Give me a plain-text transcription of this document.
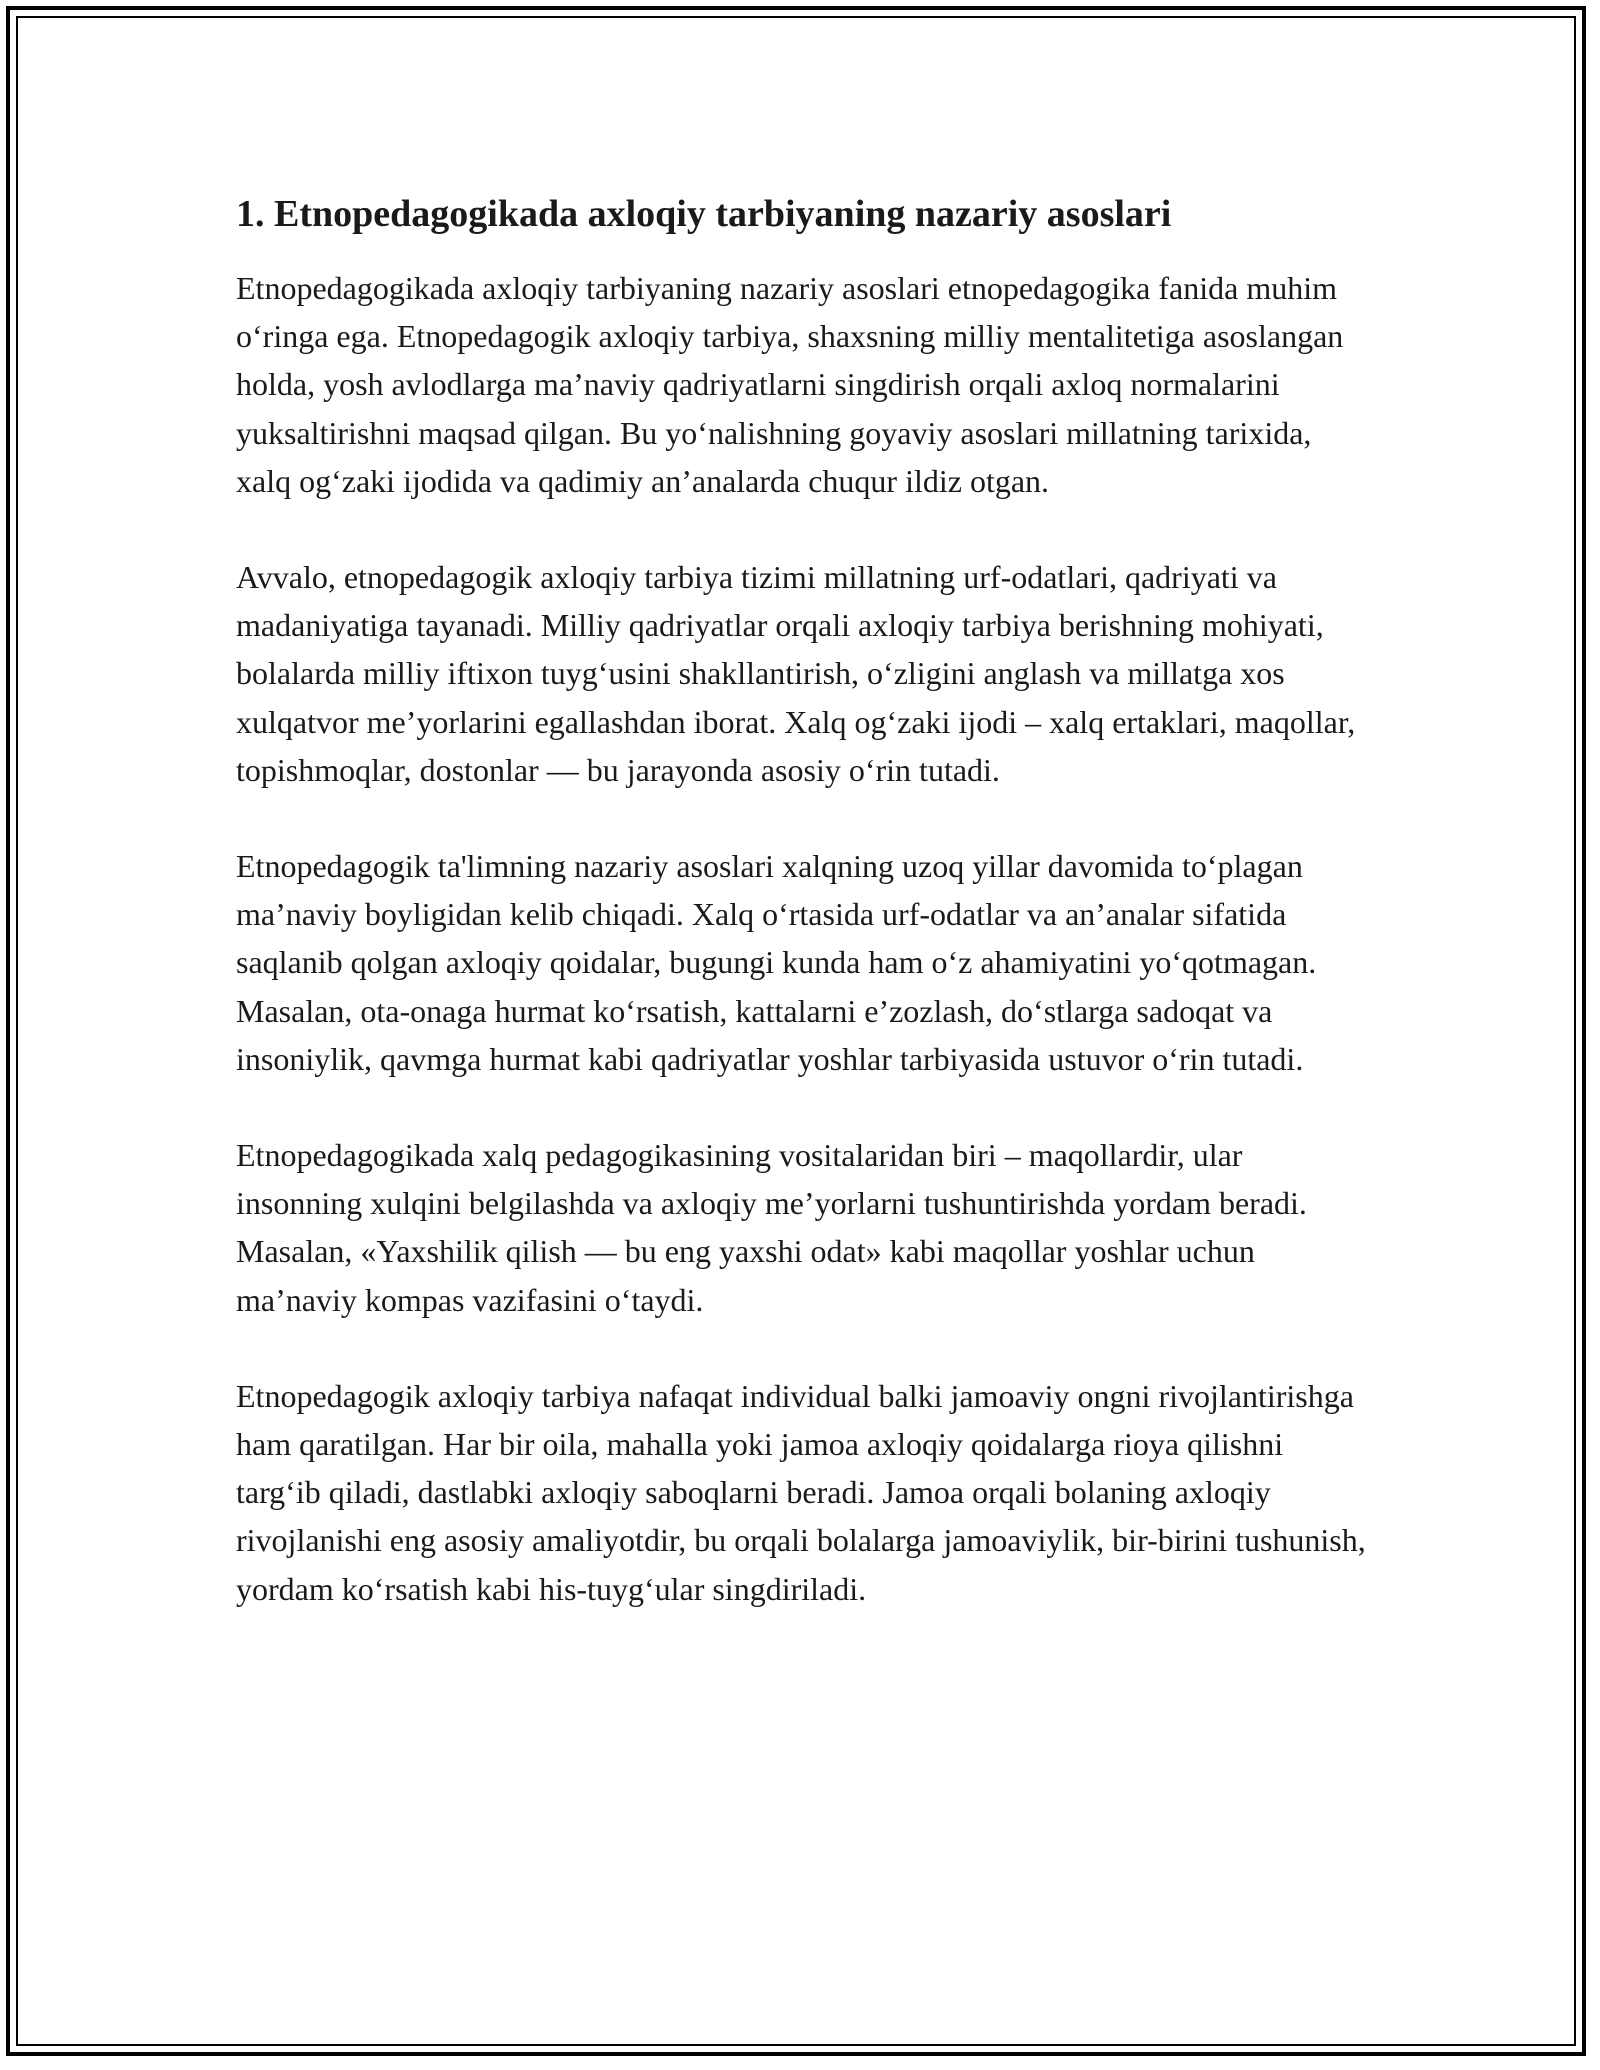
1. Etnopedagogikada axloqiy tarbiyaning nazariy asoslari

Etnopedagogikada axloqiy tarbiyaning nazariy asoslari etnopedagogika fanida muhim o‘ringa ega. Etnopedagogik axloqiy tarbiya, shaxsning milliy mentalitetiga asoslangan holda, yosh avlodlarga ma’naviy qadriyatlarni singdirish orqali axloq normalarini yuksaltirishni maqsad qilgan. Bu yo‘nalishning goyaviy asoslari millatning tarixida, xalq og‘zaki ijodida va qadimiy an’analarda chuqur ildiz otgan.

Avvalo, etnopedagogik axloqiy tarbiya tizimi millatning urf-odatlari, qadriyati va madaniyatiga tayanadi. Milliy qadriyatlar orqali axloqiy tarbiya berishning mohiyati, bolalarda milliy iftixon tuyg‘usini shakllantirish, o‘zligini anglash va millatga xos xulqatvor me’yorlarini egallashdan iborat. Xalq og‘zaki ijodi – xalq ertaklari, maqollar, topishmoqlar, dostonlar — bu jarayonda asosiy o‘rin tutadi.

Etnopedagogik ta'limning nazariy asoslari xalqning uzoq yillar davomida to‘plagan ma’naviy boyligidan kelib chiqadi. Xalq o‘rtasida urf-odatlar va an’analar sifatida saqlanib qolgan axloqiy qoidalar, bugungi kunda ham o‘z ahamiyatini yo‘qotmagan. Masalan, ota-onaga hurmat ko‘rsatish, kattalarni e’zozlash, do‘stlarga sadoqat va insoniylik, qavmga hurmat kabi qadriyatlar yoshlar tarbiyasida ustuvor o‘rin tutadi.

Etnopedagogikada xalq pedagogikasining vositalaridan biri – maqollardir, ular insonning xulqini belgilashda va axloqiy me’yorlarni tushuntirishda yordam beradi. Masalan, «Yaxshilik qilish — bu eng yaxshi odat» kabi maqollar yoshlar uchun ma’naviy kompas vazifasini o‘taydi.

Etnopedagogik axloqiy tarbiya nafaqat individual balki jamoaviy ongni rivojlantirishga ham qaratilgan. Har bir oila, mahalla yoki jamoa axloqiy qoidalarga rioya qilishni targ‘ib qiladi, dastlabki axloqiy saboqlarni beradi. Jamoa orqali bolaning axloqiy rivojlanishi eng asosiy amaliyotdir, bu orqali bolalarga jamoaviylik, bir-birini tushunish, yordam ko‘rsatish kabi his-tuyg‘ular singdiriladi.
